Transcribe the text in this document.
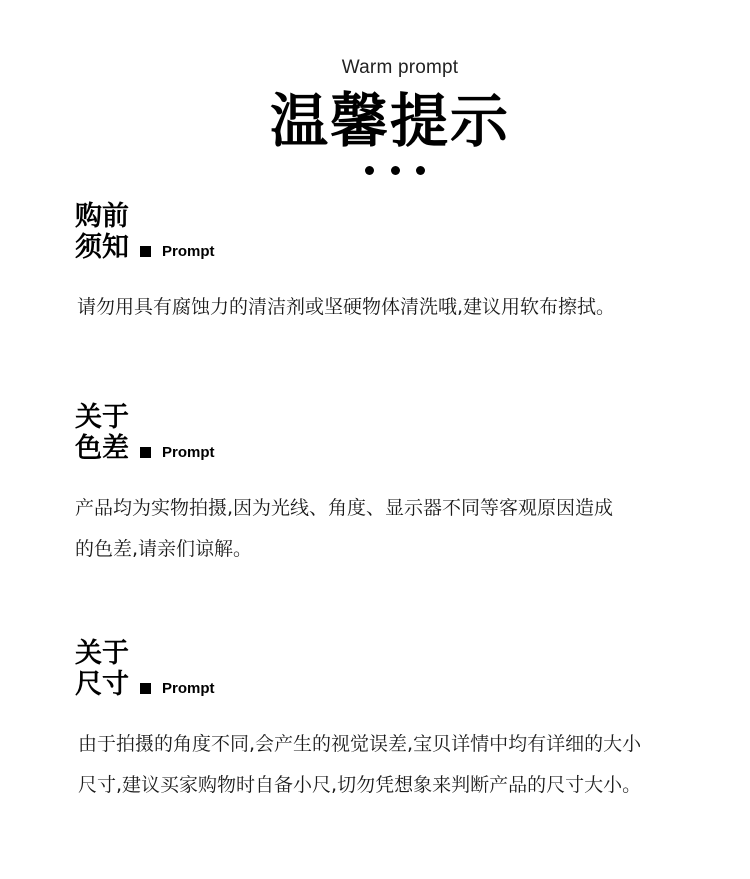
Warm prompt
温馨提示
购前
须知 Prompt
请勿用具有腐蚀力的清洁剂或坚硬物体清洗哦,建议用软布擦拭。
关于
色差 Prompt
产品均为实物拍摄,因为光线、角度、显示器不同等客观原因造成
的色差,请亲们谅解。
关于
尺寸 Prompt
由于拍摄的角度不同,会产生的视觉误差,宝贝详情中均有详细的大小
尺寸,建议买家购物时自备小尺,切勿凭想象来判断产品的尺寸大小。
